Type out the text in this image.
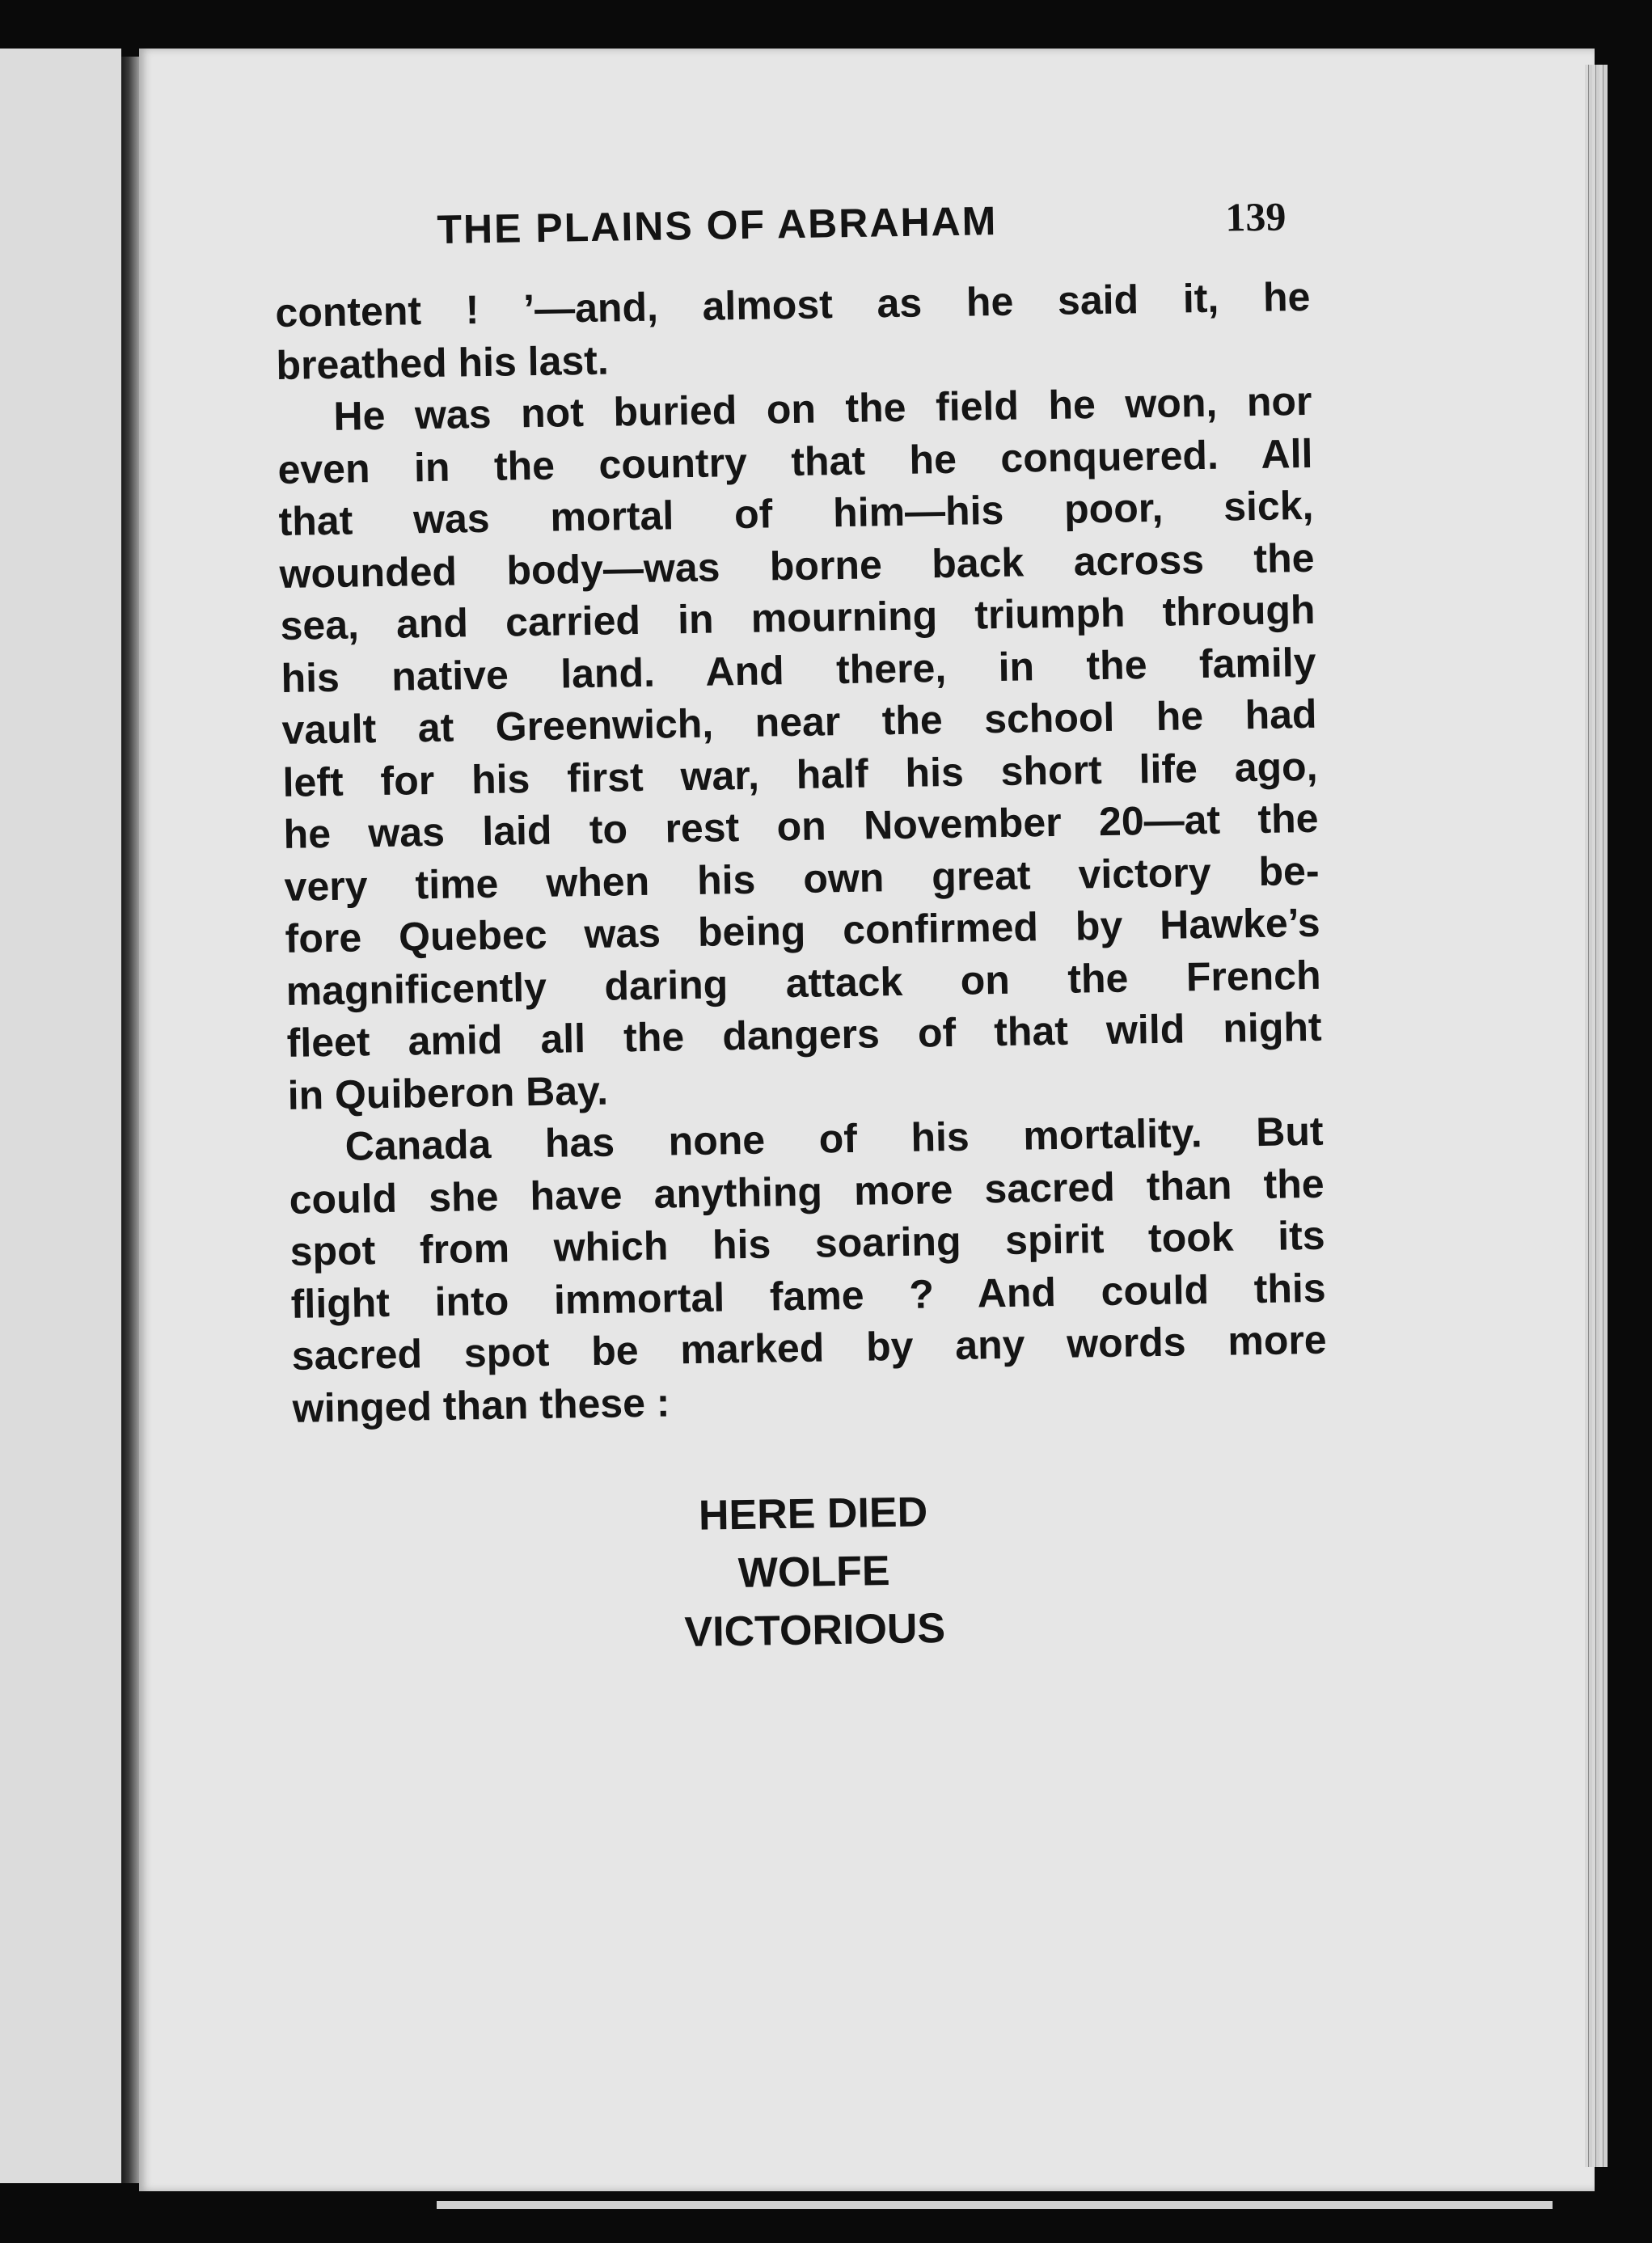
THE PLAINS OF ABRAHAM	139
content ! ’—and, almost as he said it, he
breathed his last.
He was not buried on the field he won, nor
even in the country that he conquered. All
that was mortal of him—his poor, sick,
wounded body—was borne back across the
sea, and carried in mourning triumph through
his native land. And there, in the family
vault at Greenwich, near the school he had
left for his first war, half his short life ago,
he was laid to rest on November 20—at the
very time when his own great victory be-
fore Quebec was being confirmed by Hawke’s
magnificently daring attack on the French
fleet amid all the dangers of that wild night
in Quiberon Bay.
Canada has none of his mortality. But
could she have anything more sacred than the
spot from which his soaring spirit took its
flight into immortal fame ? And could this
sacred spot be marked by any words more
winged than these :
HERE DIED
WOLFE
VICTORIOUS
